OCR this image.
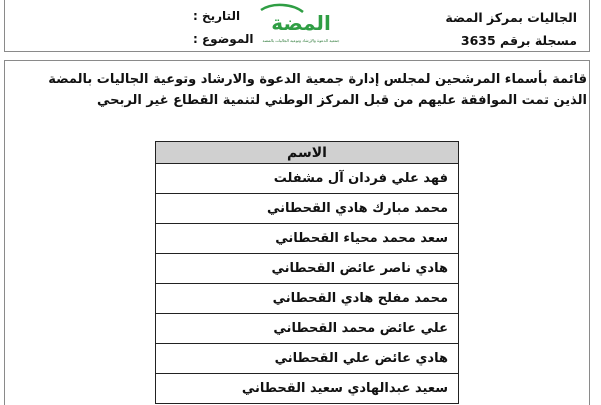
الجاليات بمركز المضة
مسجلة برقم 3635
المضة
جمعية الدعوة والإرشاد وتوعية الجاليات بالمضة
التاريخ :
الموضوع :
قائمة بأسماء المرشحين لمجلس إدارة جمعية الدعوة والارشاد وتوعية الجاليات بالمضة
الذين تمت الموافقة عليهم من قبل المركز الوطني لتنمية القطاع غير الربحي
الاسم
فهد علي فردان آل مشفلت
محمد مبارك هادي القحطاني
سعد محمد محياء القحطاني
هادي ناصر عائض القحطاني
محمد مفلح هادي القحطاني
علي عائض محمد القحطاني
هادي عائض علي القحطاني
سعيد عبدالهادي سعيد القحطاني
